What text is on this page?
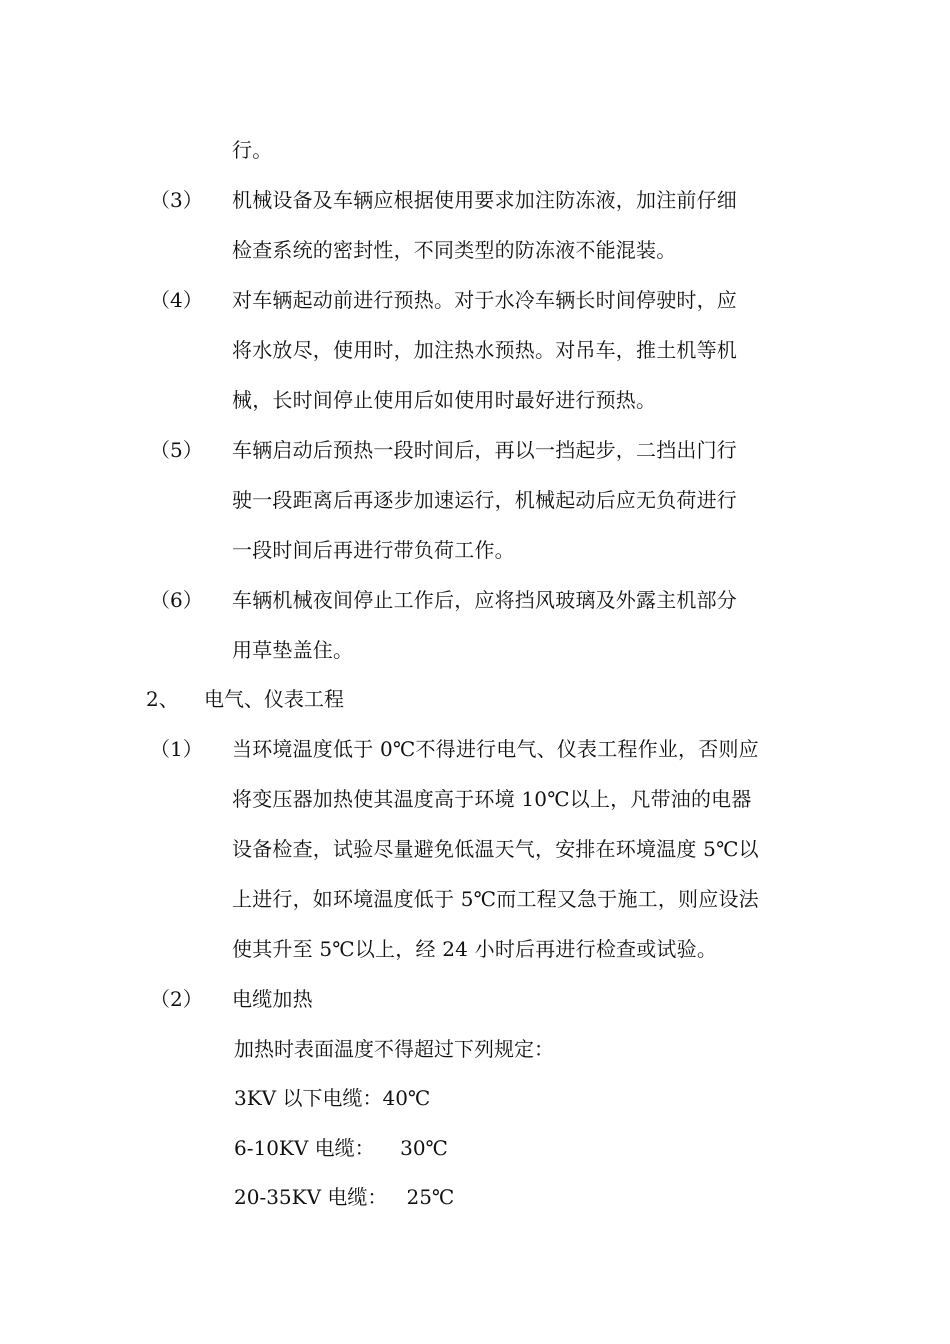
行。
（3）	机械设备及车辆应根据使用要求加注防冻液，加注前仔细
检查系统的密封性，不同类型的防冻液不能混装。
（4）	对车辆起动前进行预热。对于水冷车辆长时间停驶时，应
将水放尽，使用时，加注热水预热。对吊车，推土机等机
械，长时间停止使用后如使用时最好进行预热。
（5）	车辆启动后预热一段时间后，再以一挡起步，二挡出门行
驶一段距离后再逐步加速运行，机械起动后应无负荷进行
一段时间后再进行带负荷工作。
（6）	车辆机械夜间停止工作后，应将挡风玻璃及外露主机部分
用草垫盖住。
2、	电气、仪表工程
（1）	当环境温度低于 0℃不得进行电气、仪表工程作业，否则应
将变压器加热使其温度高于环境 10℃以上，凡带油的电器
设备检查，试验尽量避免低温天气，安排在环境温度 5℃以
上进行，如环境温度低于 5℃而工程又急于施工，则应设法
使其升至 5℃以上，经 24 小时后再进行检查或试验。
（2）	电缆加热
加热时表面温度不得超过下列规定：
3KV 以下电缆：40℃
6-10KV 电缆：    30℃
20-35KV 电缆：   25℃
